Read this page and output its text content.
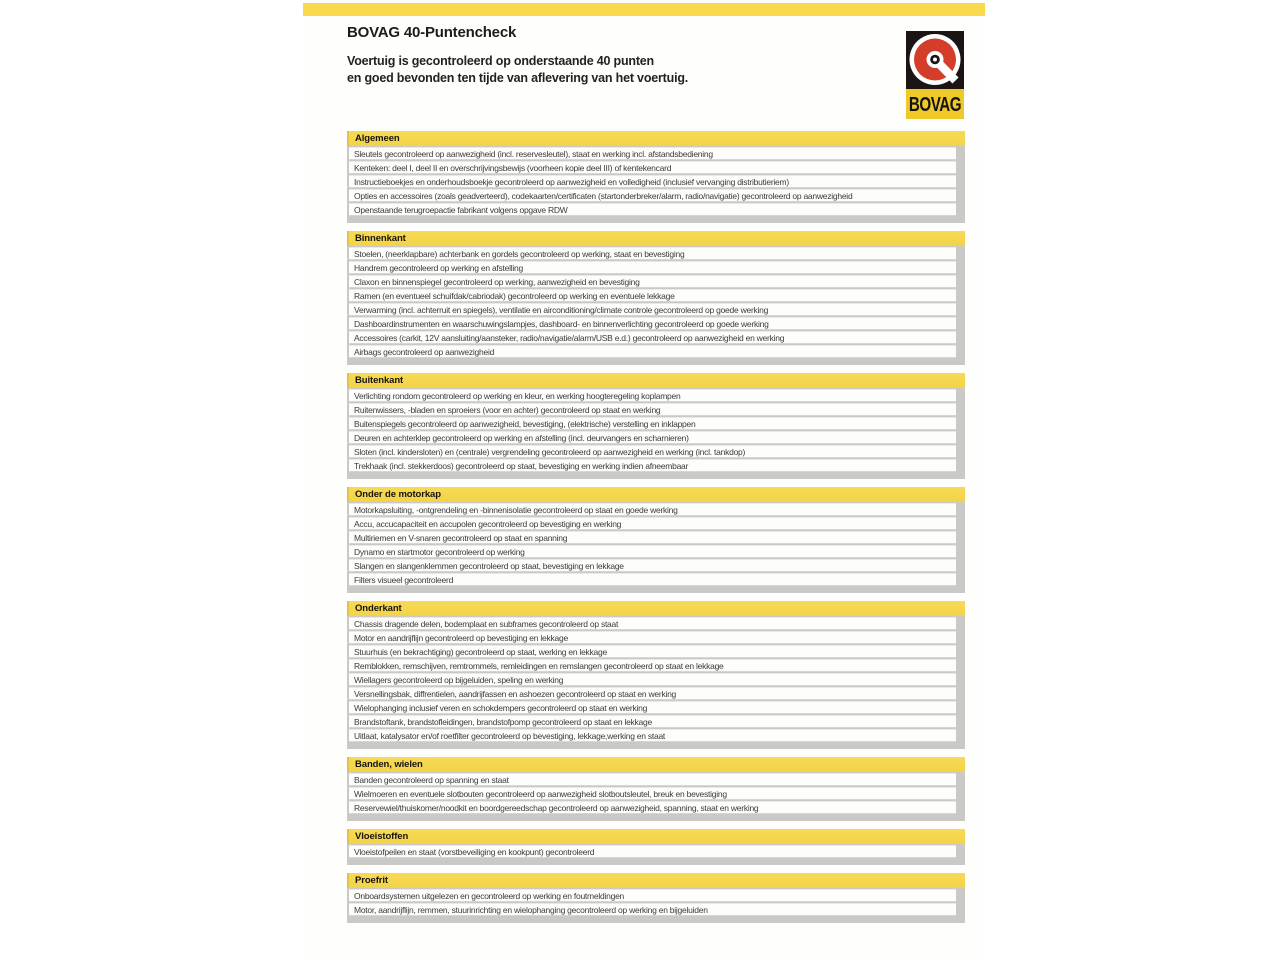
BOVAG 40-Puntencheck
Voertuig is gecontroleerd op onderstaande 40 punten
en goed bevonden ten tijde van aflevering van het voertuig.
BOVAG
Algemeen
Sleutels gecontroleerd op aanwezigheid (incl. reservesleutel), staat en werking incl. afstandsbediening
Kenteken: deel I, deel II en overschrijvingsbewijs (voorheen kopie deel III) of kentekencard
Instructieboekjes en onderhoudsboekje gecontroleerd op aanwezigheid en volledigheid (inclusief vervanging distributieriem)
Opties en accessoires (zoals geadverteerd), codekaarten/certificaten (startonderbreker/alarm, radio/navigatie) gecontroleerd op aanwezigheid
Openstaande terugroepactie fabrikant volgens opgave RDW
Binnenkant
Stoelen, (neerklapbare) achterbank en gordels gecontroleerd op werking, staat en bevestiging
Handrem gecontroleerd op werking en afstelling
Claxon en binnenspiegel gecontroleerd op werking, aanwezigheid en bevestiging
Ramen (en eventueel schuifdak/cabriodak) gecontroleerd op werking en eventuele lekkage
Verwarming (incl. achterruit en spiegels), ventilatie en airconditioning/climate controle gecontroleerd op goede werking
Dashboardinstrumenten en waarschuwingslampjes, dashboard- en binnenverlichting gecontroleerd op goede werking
Accessoires (carkit, 12V aansluiting/aansteker, radio/navigatie/alarm/USB e.d.) gecontroleerd op aanwezigheid en werking
Airbags gecontroleerd op aanwezigheid
Buitenkant
Verlichting rondom gecontroleerd op werking en kleur, en werking hoogteregeling koplampen
Ruitenwissers, -bladen en sproeiers (voor en achter) gecontroleerd op staat en werking
Buitenspiegels gecontroleerd op aanwezigheid, bevestiging, (elektrische) verstelling en inklappen
Deuren en achterklep gecontroleerd op werking en afstelling (incl. deurvangers en scharnieren)
Sloten (incl. kindersloten) en (centrale) vergrendeling gecontroleerd op aanwezigheid en werking (incl. tankdop)
Trekhaak (incl. stekkerdoos) gecontroleerd op staat, bevestiging en werking indien afneembaar
Onder de motorkap
Motorkapsluiting, -ontgrendeling en -binnenisolatie gecontroleerd op staat en goede werking
Accu, accucapaciteit en accupolen gecontroleerd op bevestiging en werking
Multiriemen en V-snaren gecontroleerd op staat en spanning
Dynamo en startmotor gecontroleerd op werking
Slangen en slangenklemmen gecontroleerd op staat, bevestiging en lekkage
Filters visueel gecontroleerd
Onderkant
Chassis dragende delen, bodemplaat en subframes gecontroleerd op staat
Motor en aandrijflijn gecontroleerd op bevestiging en lekkage
Stuurhuis (en bekrachtiging) gecontroleerd op staat, werking en lekkage
Remblokken, remschijven, remtrommels, remleidingen en remslangen gecontroleerd op staat en lekkage
Wiellagers gecontroleerd op bijgeluiden, speling en werking
Versnellingsbak, diffrentielen, aandrijfassen en ashoezen gecontroleerd op staat en werking
Wielophanging inclusief veren en schokdempers gecontroleerd op staat en werking
Brandstoftank, brandstofleidingen, brandstofpomp gecontroleerd op staat en lekkage
Uitlaat, katalysator en/of roetfilter gecontroleerd op bevestiging, lekkage,werking en staat
Banden, wielen
Banden gecontroleerd op spanning en staat
Wielmoeren en eventuele slotbouten gecontroleerd op aanwezigheid slotboutsleutel, breuk en bevestiging
Reservewiel/thuiskomer/noodkit en boordgereedschap gecontroleerd op aanwezigheid, spanning, staat en werking
Vloeistoffen
Vloeistofpeilen en staat (vorstbeveiliging en kookpunt) gecontroleerd
Proefrit
Onboardsystemen uitgelezen en gecontroleerd op werking en foutmeldingen
Motor, aandrijflijn, remmen, stuurinrichting en wielophanging gecontroleerd op werking en bijgeluiden
